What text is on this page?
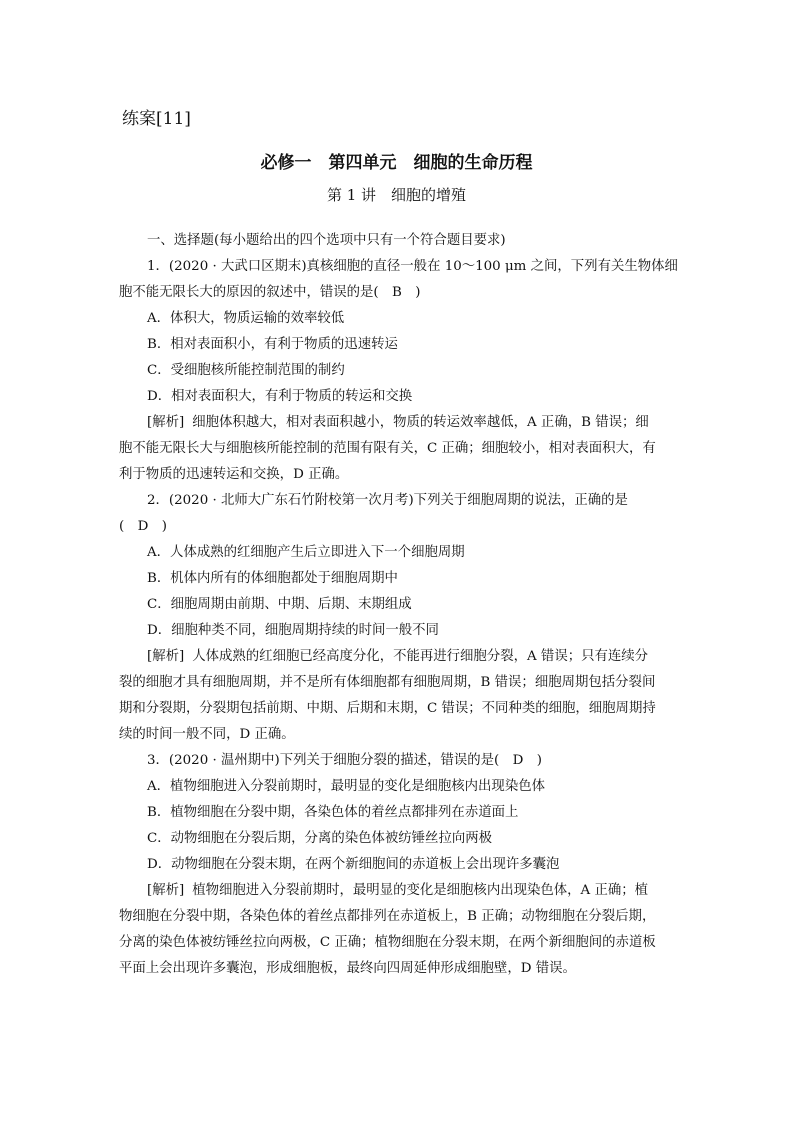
练案[11]
必修一　第四单元　细胞的生命历程
第 1 讲　细胞的增殖
一、选择题(每小题给出的四个选项中只有一个符合题目要求)
1．(2020 · 大武口区期末)真核细胞的直径一般在 10～100 μm 之间，下列有关生物体细
胞不能无限长大的原因的叙述中，错误的是(　B　)
A．体积大，物质运输的效率较低
B．相对表面积小，有利于物质的迅速转运
C．受细胞核所能控制范围的制约
D．相对表面积大，有利于物质的转运和交换
[解析] 细胞体积越大，相对表面积越小，物质的转运效率越低，A 正确，B 错误；细
胞不能无限长大与细胞核所能控制的范围有限有关，C 正确；细胞较小，相对表面积大，有
利于物质的迅速转运和交换，D 正确。
2．(2020 · 北师大广东石竹附校第一次月考)下列关于细胞周期的说法，正确的是
(　D　)
A．人体成熟的红细胞产生后立即进入下一个细胞周期
B．机体内所有的体细胞都处于细胞周期中
C．细胞周期由前期、中期、后期、末期组成
D．细胞种类不同，细胞周期持续的时间一般不同
[解析] 人体成熟的红细胞已经高度分化，不能再进行细胞分裂，A 错误；只有连续分
裂的细胞才具有细胞周期，并不是所有体细胞都有细胞周期，B 错误；细胞周期包括分裂间
期和分裂期，分裂期包括前期、中期、后期和末期，C 错误；不同种类的细胞，细胞周期持
续的时间一般不同，D 正确。
3．(2020 · 温州期中)下列关于细胞分裂的描述，错误的是(　D　)
A．植物细胞进入分裂前期时，最明显的变化是细胞核内出现染色体
B．植物细胞在分裂中期，各染色体的着丝点都排列在赤道面上
C．动物细胞在分裂后期，分离的染色体被纺锤丝拉向两极
D．动物细胞在分裂末期，在两个新细胞间的赤道板上会出现许多囊泡
[解析] 植物细胞进入分裂前期时，最明显的变化是细胞核内出现染色体，A 正确；植
物细胞在分裂中期，各染色体的着丝点都排列在赤道板上，B 正确；动物细胞在分裂后期，
分离的染色体被纺锤丝拉向两极，C 正确；植物细胞在分裂末期，在两个新细胞间的赤道板
平面上会出现许多囊泡，形成细胞板，最终向四周延伸形成细胞壁，D 错误。
